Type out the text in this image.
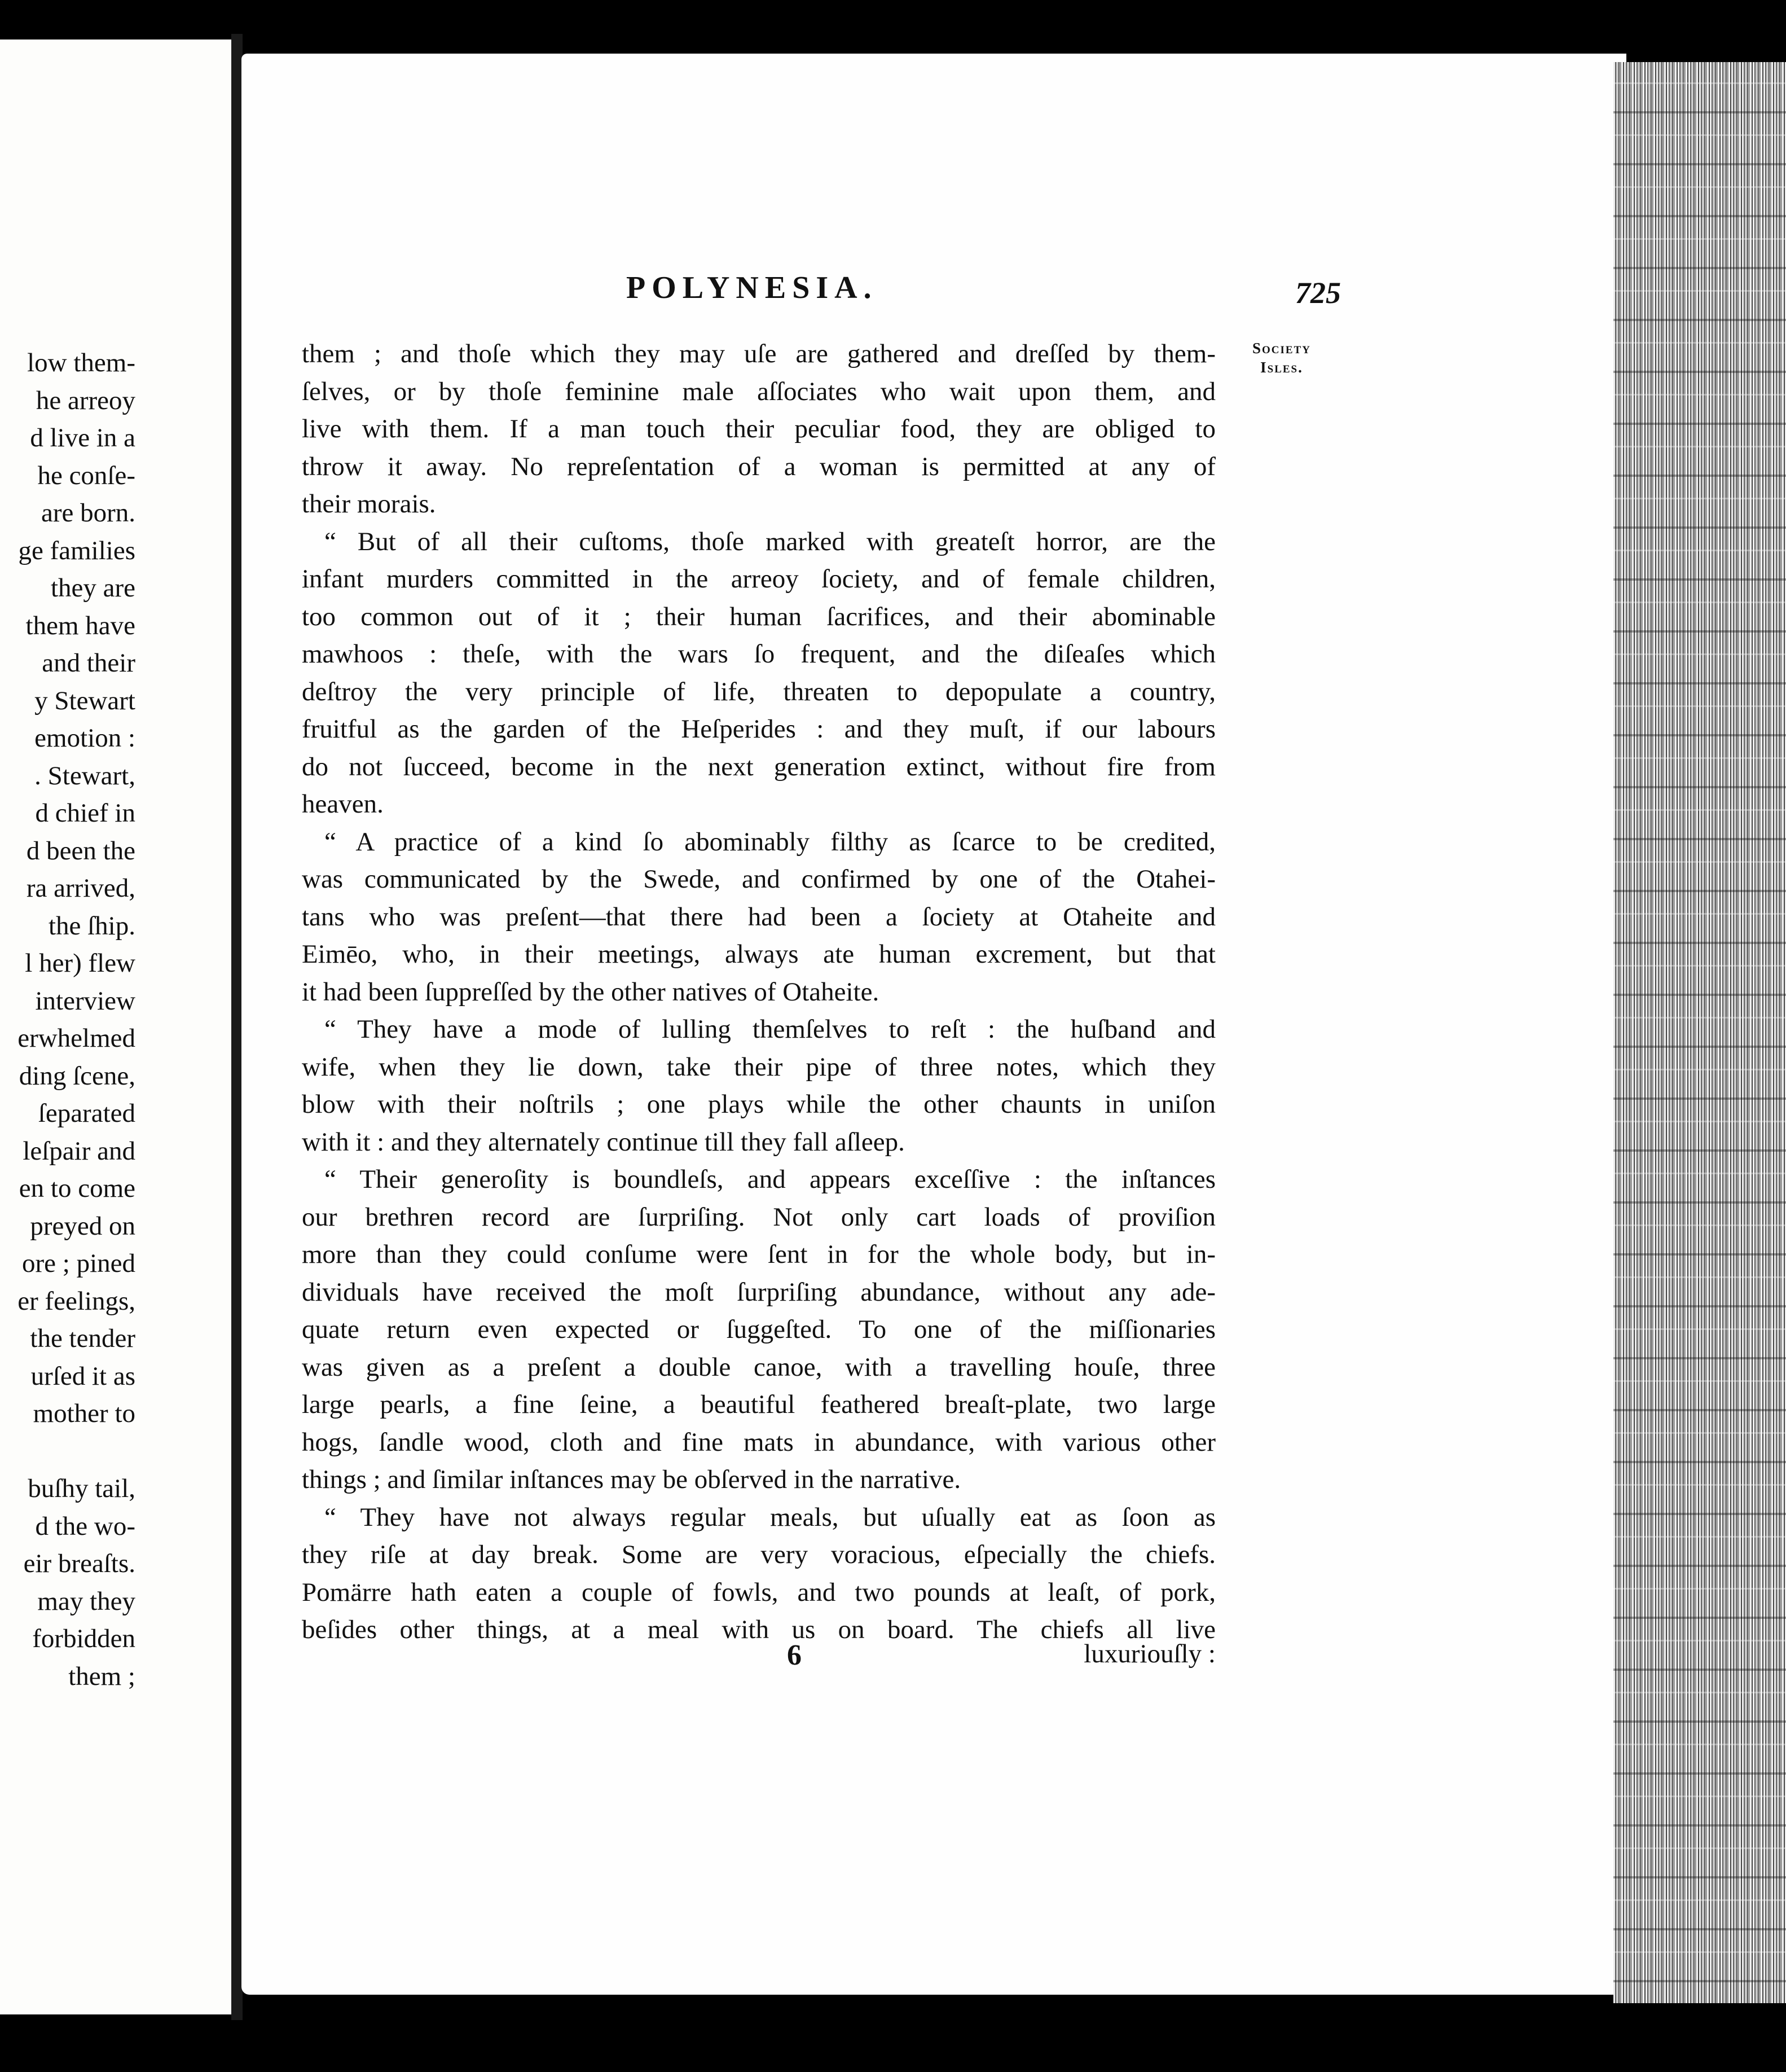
low them-
he arreoy
d live in a
he conſe-
are born.
ge families
they are
them have
and their
y Stewart
emotion :
. Stewart,
d chief in
d been the
ra arrived,
the ſhip.
l her) flew
interview
erwhelmed
ding ſcene,
ſeparated
leſpair and
en to come
preyed on
ore ; pined
er feelings,
the tender
urſed it as
mother to
buſhy tail,
d the wo-
eir breaſts.
may they
forbidden
them ;
POLYNESIA.	725
Society
Isles.
them ; and thoſe which they may uſe are gathered and dreſſed by them-
ſelves, or by thoſe feminine male aſſociates who wait upon them, and
live with them. If a man touch their peculiar food, they are obliged to
throw it away. No repreſentation of a woman is permitted at any of
their morais.
“ But of all their cuſtoms, thoſe marked with greateſt horror, are the
infant murders committed in the arreoy ſociety, and of female children,
too common out of it ; their human ſacrifices, and their abominable
mawhoos : theſe, with the wars ſo frequent, and the diſeaſes which
deſtroy the very principle of life, threaten to depopulate a country,
fruitful as the garden of the Heſperides : and they muſt, if our labours
do not ſucceed, become in the next generation extinct, without fire from
heaven.
“ A practice of a kind ſo abominably filthy as ſcarce to be credited,
was communicated by the Swede, and confirmed by one of the Otahei-
tans who was preſent—that there had been a ſociety at Otaheite and
Eimēo, who, in their meetings, always ate human excrement, but that
it had been ſuppreſſed by the other natives of Otaheite.
“ They have a mode of lulling themſelves to reſt : the huſband and
wife, when they lie down, take their pipe of three notes, which they
blow with their noſtrils ; one plays while the other chaunts in uniſon
with it : and they alternately continue till they fall aſleep.
“ Their generoſity is boundleſs, and appears exceſſive : the inſtances
our brethren record are ſurpriſing. Not only cart loads of proviſion
more than they could conſume were ſent in for the whole body, but in-
dividuals have received the moſt ſurpriſing abundance, without any ade-
quate return even expected or ſuggeſted. To one of the miſſionaries
was given as a preſent a double canoe, with a travelling houſe, three
large pearls, a fine ſeine, a beautiful feathered breaſt-plate, two large
hogs, ſandle wood, cloth and fine mats in abundance, with various other
things ; and ſimilar inſtances may be obſerved in the narrative.
“ They have not always regular meals, but uſually eat as ſoon as
they riſe at day break. Some are very voracious, eſpecially the chiefs.
Pomärre hath eaten a couple of fowls, and two pounds at leaſt, of pork,
beſides other things, at a meal with us on board. The chiefs all live
6	luxuriouſly :
